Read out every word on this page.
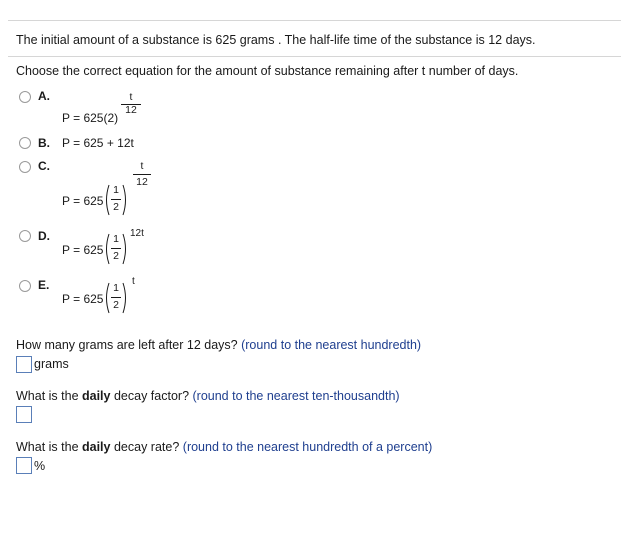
The initial amount of a substance is 625 grams . The half-life time of the substance is 12 days.
Choose the correct equation for the amount of substance remaining after t number of days.
A.
P = 625(2)
t
12
B. P = 625 + 12t
C.
P = 625
1
2
t
12
D.
P = 625
1
2
12t
E.
P = 625
1
2
t
How many grams are left after 12 days? (round to the nearest hundredth)
grams
What is the daily decay factor? (round to the nearest ten-thousandth)
What is the daily decay rate? (round to the nearest hundredth of a percent)
%
